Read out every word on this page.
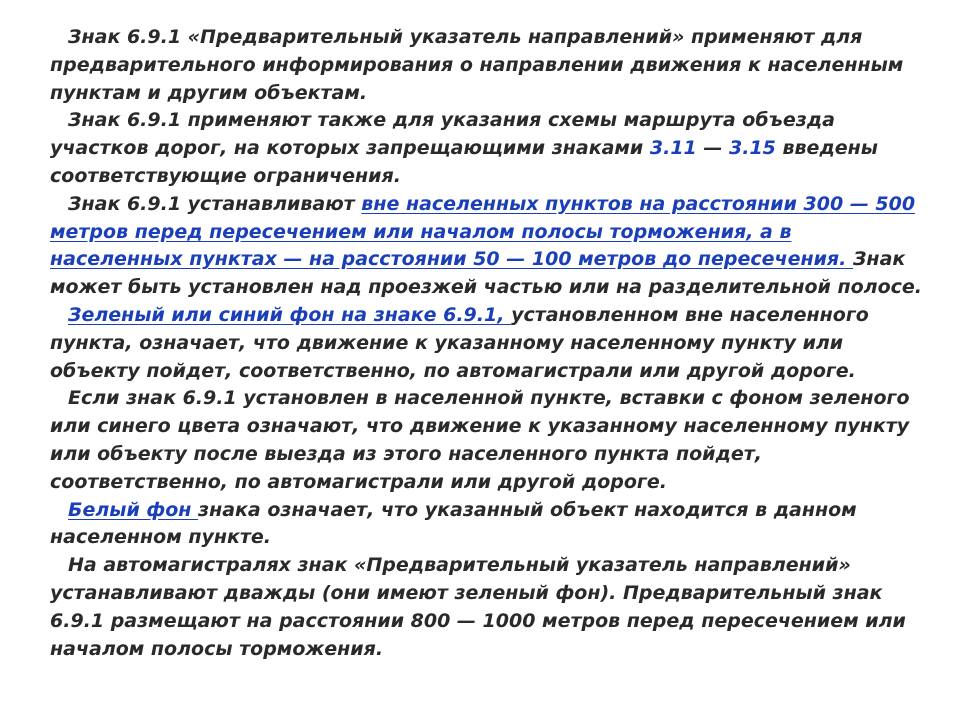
Знак 6.9.1 «Предварительный указатель направлений» применяют для предварительного информирования о направлении движения к населенным пунктам и другим объектам.

Знак 6.9.1 применяют также для указания схемы маршрута объезда участков дорог, на которых запрещающими знаками 3.11 — 3.15 введены соответствующие ограничения.

Знак 6.9.1 устанавливают вне населенных пунктов на расстоянии 300 — 500 метров перед пересечением или началом полосы торможения, а в населенных пунктах — на расстоянии 50 — 100 метров до пересечения. Знак может быть установлен над проезжей частью или на разделительной полосе.

Зеленый или синий фон на знаке 6.9.1, установленном вне населенного пункта, означает, что движение к указанному населенному пункту или объекту пойдет, соответственно, по автомагистрали или другой дороге.

Если знак 6.9.1 установлен в населенной пункте, вставки с фоном зеленого или синего цвета означают, что движение к указанному населенному пункту или объекту после выезда из этого населенного пункта пойдет, соответственно, по автомагистрали или другой дороге.

Белый фон знака означает, что указанный объект находится в данном населенном пункте.

На автомагистралях знак «Предварительный указатель направлений» устанавливают дважды (они имеют зеленый фон). Предварительный знак 6.9.1 размещают на расстоянии 800 — 1000 метров перед пересечением или началом полосы торможения.
